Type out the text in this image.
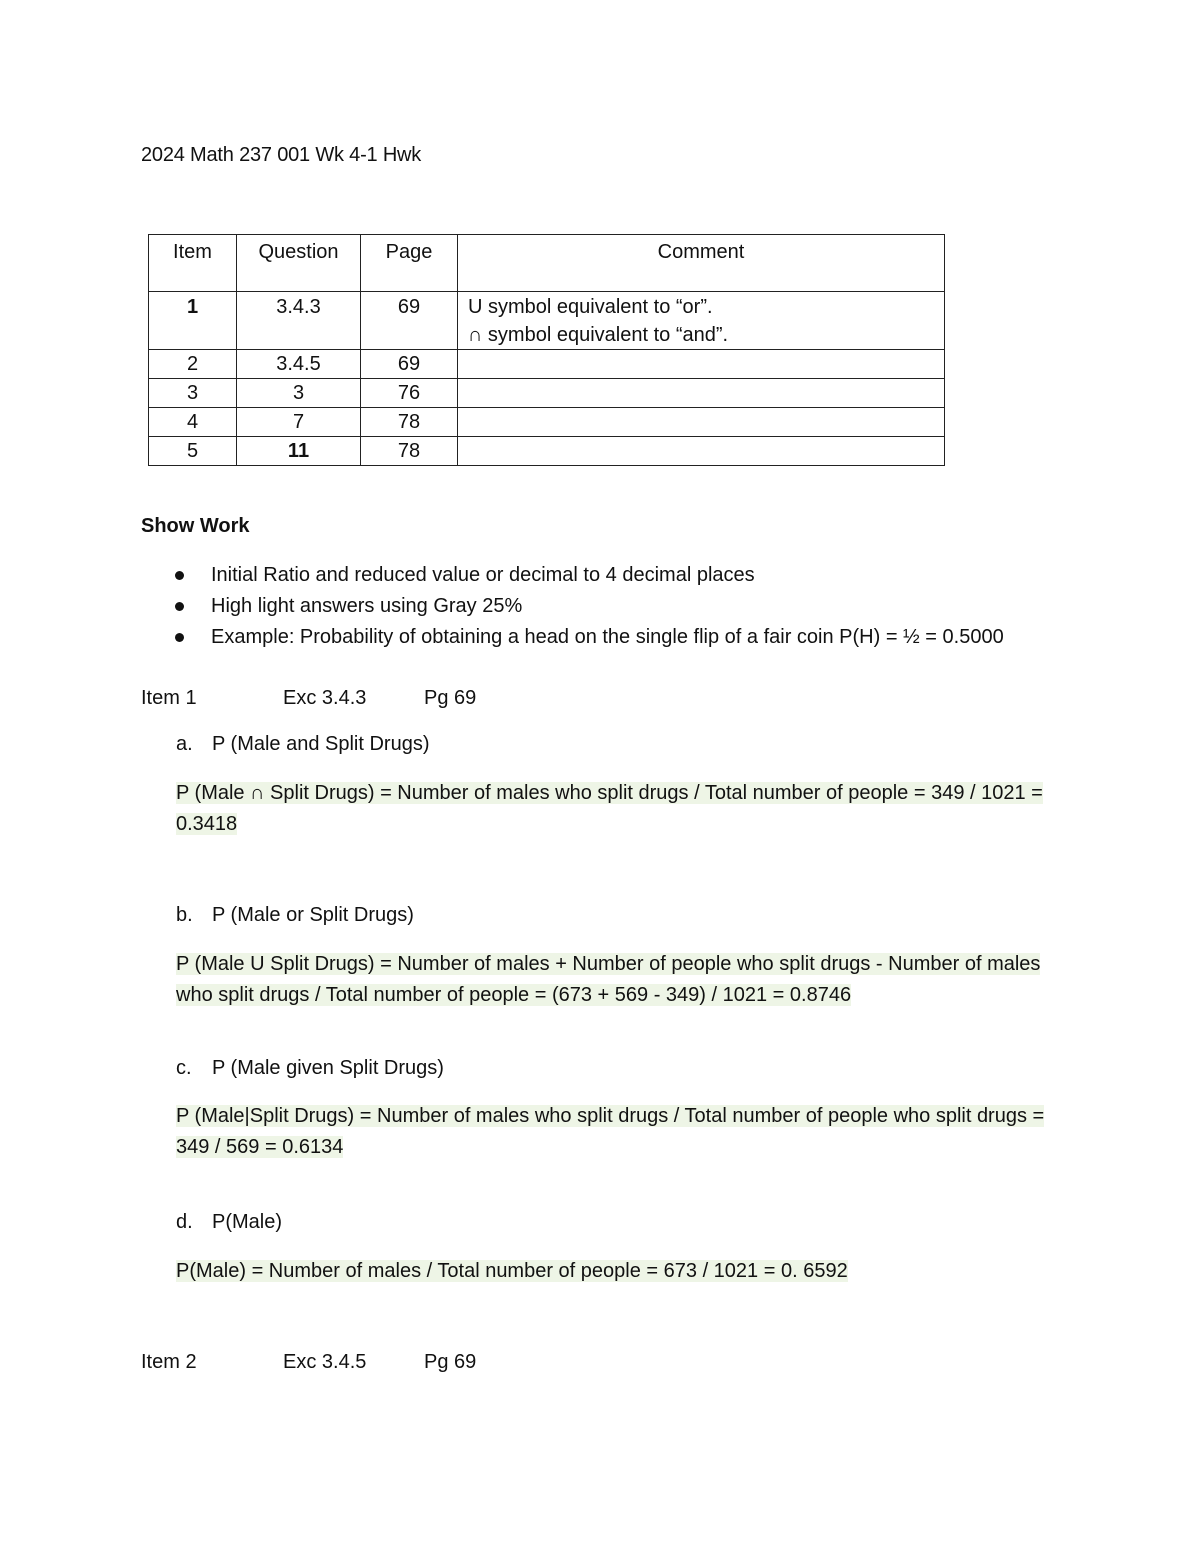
2024 Math 237 001 Wk 4-1 Hwk
Item	Question	Page	Comment
1	3.4.3	69	U symbol equivalent to “or”.
∩ symbol equivalent to “and”.

2	3.4.5	69	
3	3	76	
4	7	78	
5	11	78	
Show Work
Initial Ratio and reduced value or decimal to 4 decimal places
High light answers using Gray 25%
Example: Probability of obtaining a head on the single flip of a fair coin P(H) = ½ = 0.5000
Item 1	Exc 3.4.3	Pg 69
a. P (Male and Split Drugs)
P (Male ∩ Split Drugs) = Number of males who split drugs / Total number of people = 349 / 1021 = 0.3418
b. P (Male or Split Drugs)
P (Male U Split Drugs) = Number of males + Number of people who split drugs - Number of males who split drugs / Total number of people = (673 + 569 - 349) / 1021 = 0.8746
c. P (Male given Split Drugs)
P (Male|Split Drugs) = Number of males who split drugs / Total number of people who split drugs = 349 / 569 = 0.6134
d. P(Male)
P(Male) = Number of males / Total number of people = 673 / 1021 = 0. 6592
Item 2	Exc 3.4.5	Pg 69
